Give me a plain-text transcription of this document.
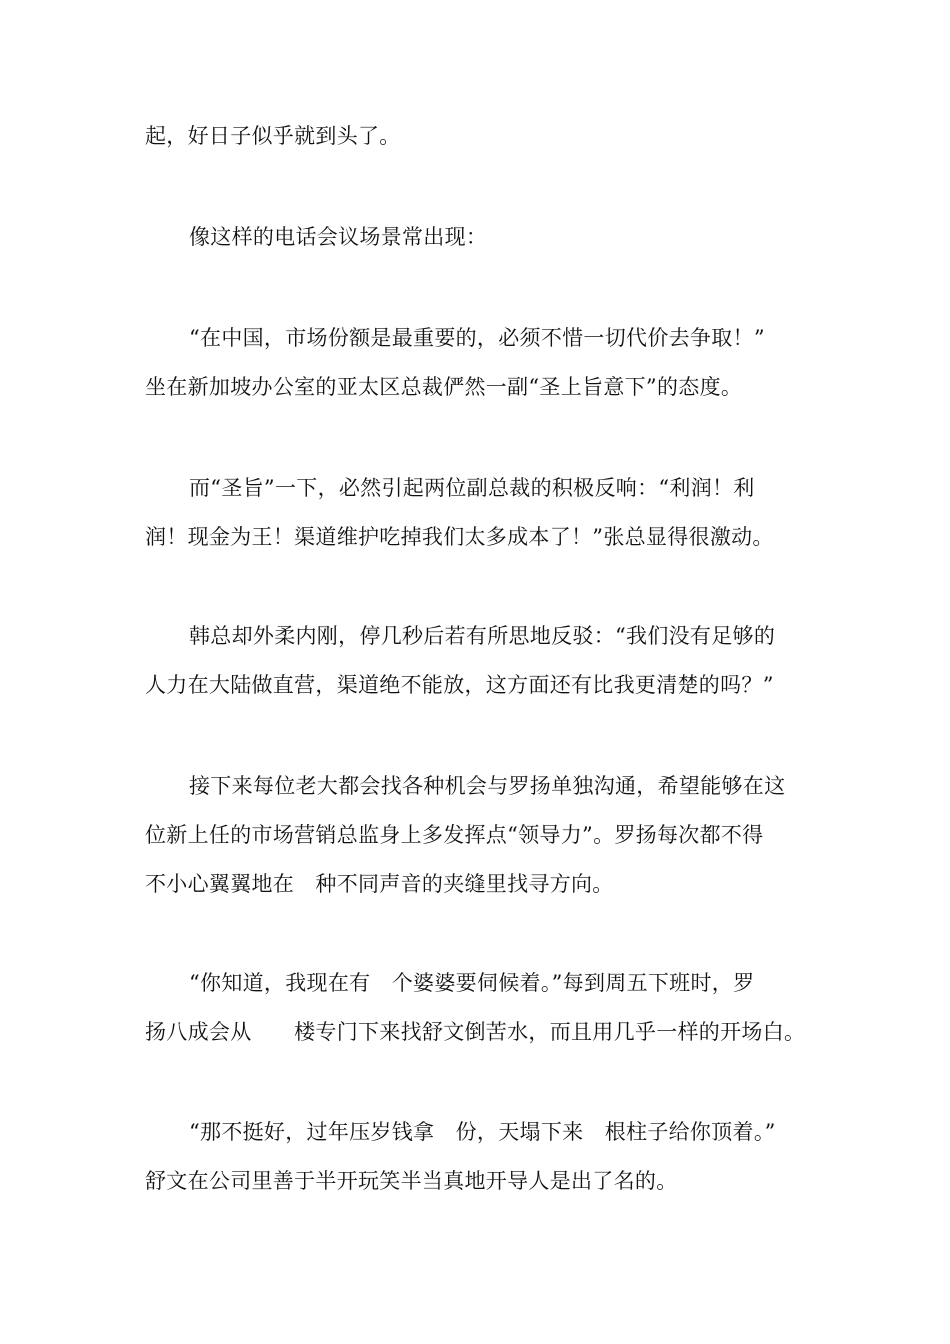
起，好日子似乎就到头了。
像这样的电话会议场景常出现：
“在中国，市场份额是最重要的，必须不惜一切代价去争取！”
坐在新加坡办公室的亚太区总裁俨然一副“圣上旨意下”的态度。
而“圣旨”一下，必然引起两位副总裁的积极反响：“利润！利
润！现金为王！渠道维护吃掉我们太多成本了！”张总显得很激动。
韩总却外柔内刚，停几秒后若有所思地反驳：“我们没有足够的
人力在大陆做直营，渠道绝不能放，这方面还有比我更清楚的吗？”
接下来每位老大都会找各种机会与罗扬单独沟通，希望能够在这
位新上任的市场营销总监身上多发挥点“领导力”。罗扬每次都不得
不小心翼翼地在　种不同声音的夹缝里找寻方向。
“你知道，我现在有　个婆婆要伺候着。”每到周五下班时，罗
扬八成会从　　楼专门下来找舒文倒苦水，而且用几乎一样的开场白。
“那不挺好，过年压岁钱拿　份，天塌下来　根柱子给你顶着。”
舒文在公司里善于半开玩笑半当真地开导人是出了名的。
